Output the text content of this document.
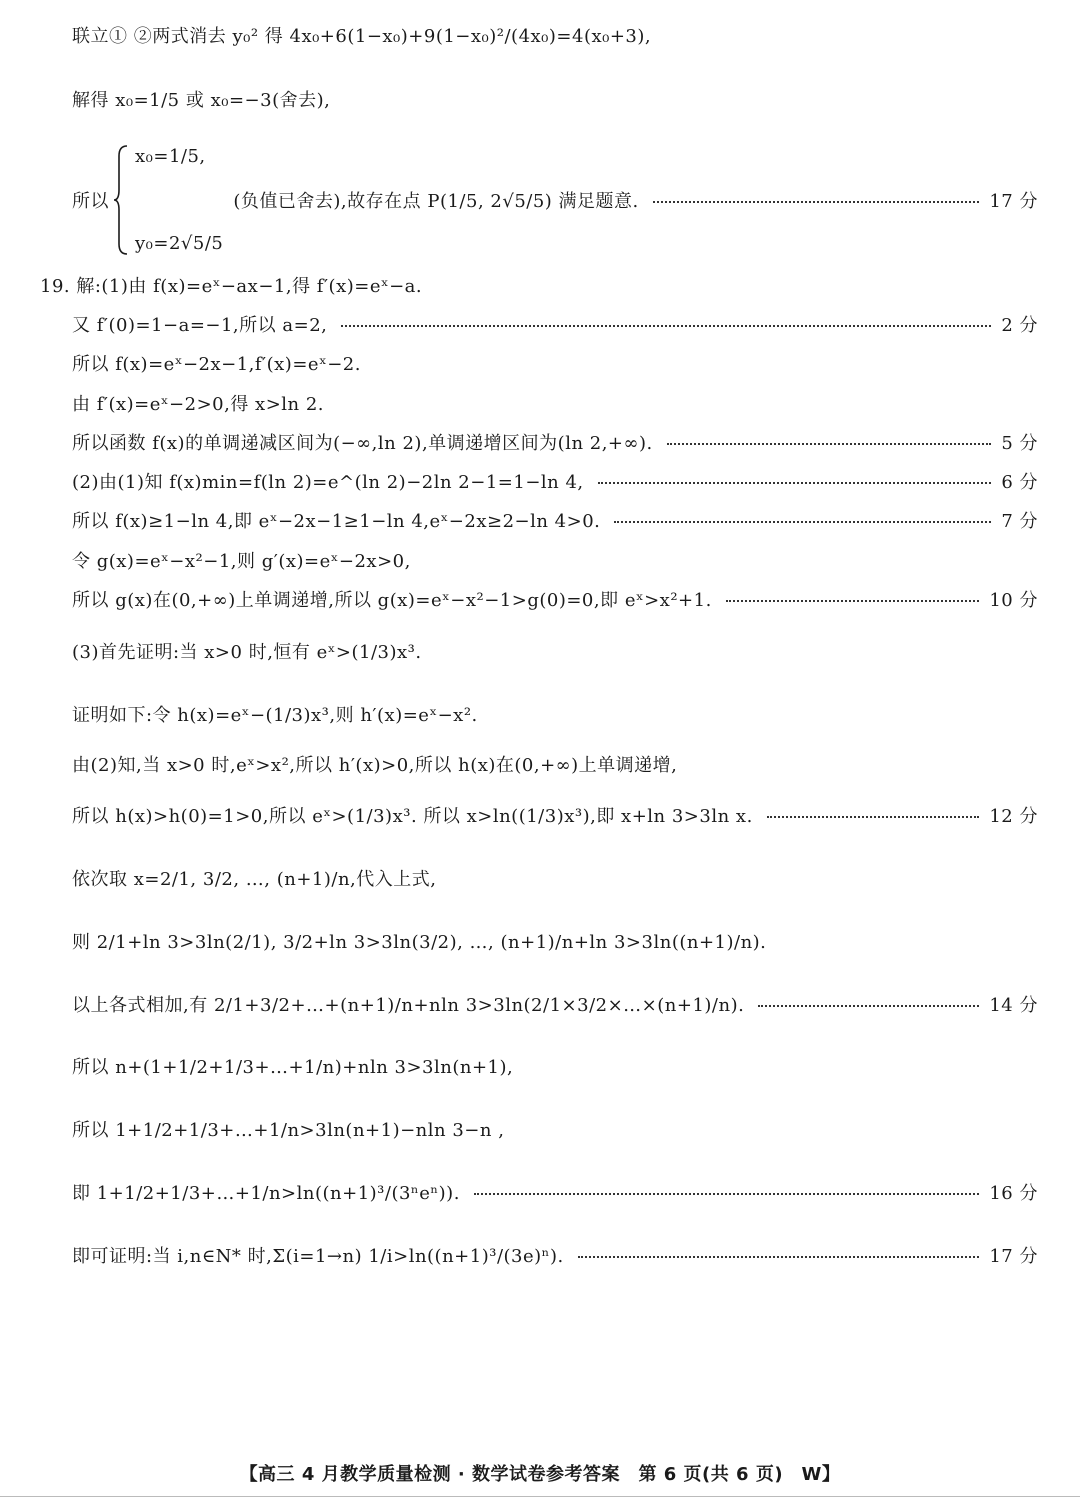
联立① ②两式消去 y₀² 得 4x₀+6(1−x₀)+9(1−x₀)²/(4x₀)=4(x₀+3),
解得 x₀=1/5 或 x₀=−3(舍去),
所以
x₀=1/5,
y₀=2√5/5
(负值已舍去),故存在点 P(1/5, 2√5/5) 满足题意.	17 分
19. 解:(1)由 f(x)=eˣ−ax−1,得 f′(x)=eˣ−a.
又 f′(0)=1−a=−1,所以 a=2,	2 分
所以 f(x)=eˣ−2x−1,f′(x)=eˣ−2.
由 f′(x)=eˣ−2>0,得 x>ln 2.
所以函数 f(x)的单调递减区间为(−∞,ln 2),单调递增区间为(ln 2,+∞).	5 分
(2)由(1)知 f(x)min=f(ln 2)=e^(ln 2)−2ln 2−1=1−ln 4,	6 分
所以 f(x)≥1−ln 4,即 eˣ−2x−1≥1−ln 4,eˣ−2x≥2−ln 4>0.	7 分
令 g(x)=eˣ−x²−1,则 g′(x)=eˣ−2x>0,
所以 g(x)在(0,+∞)上单调递增,所以 g(x)=eˣ−x²−1>g(0)=0,即 eˣ>x²+1.	10 分
(3)首先证明:当 x>0 时,恒有 eˣ>(1/3)x³.
证明如下:令 h(x)=eˣ−(1/3)x³,则 h′(x)=eˣ−x².
由(2)知,当 x>0 时,eˣ>x²,所以 h′(x)>0,所以 h(x)在(0,+∞)上单调递增,
所以 h(x)>h(0)=1>0,所以 eˣ>(1/3)x³. 所以 x>ln((1/3)x³),即 x+ln 3>3ln x.	12 分
依次取 x=2/1, 3/2, …, (n+1)/n,代入上式,
则 2/1+ln 3>3ln(2/1), 3/2+ln 3>3ln(3/2), …, (n+1)/n+ln 3>3ln((n+1)/n).
以上各式相加,有 2/1+3/2+…+(n+1)/n+nln 3>3ln(2/1×3/2×…×(n+1)/n).	14 分
所以 n+(1+1/2+1/3+…+1/n)+nln 3>3ln(n+1),
所以 1+1/2+1/3+…+1/n>3ln(n+1)−nln 3−n ,
即 1+1/2+1/3+…+1/n>ln((n+1)³/(3ⁿeⁿ)).	16 分
即可证明:当 i,n∈N* 时,Σ(i=1→n) 1/i>ln((n+1)³/(3e)ⁿ).	17 分
【高三 4 月教学质量检测 · 数学试卷参考答案　第 6 页(共 6 页)　W】
